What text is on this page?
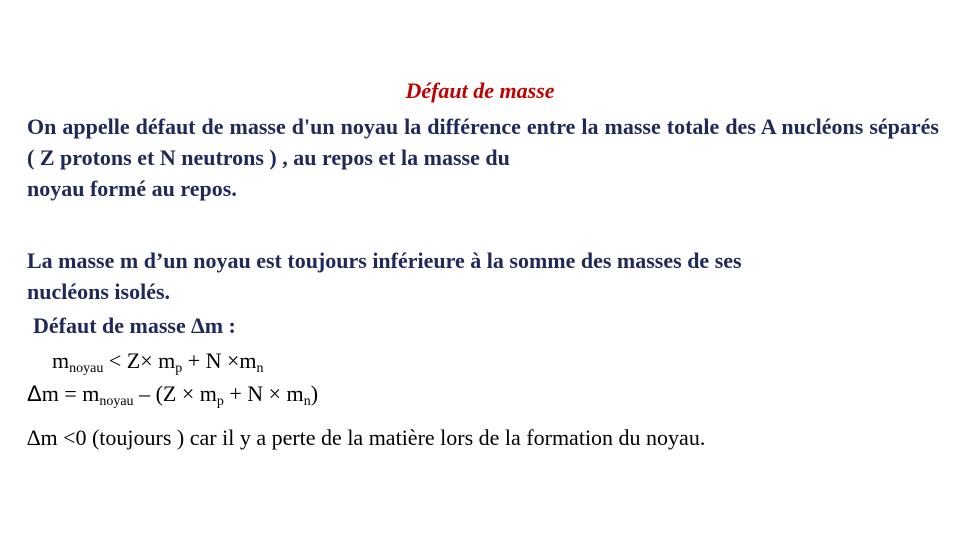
Défaut de masse

On appelle défaut de masse d'un noyau la différence entre la masse totale des A nucléons séparés ( Z protons et N neutrons ) , au repos et la masse du
noyau formé au repos.

La masse m d’un noyau est toujours inférieure à la somme des masses de ses
nucléons isolés.

Défaut de masse ∆m :
$m_{noyau} < Z\times m_p + N \times m_n$
$\Delta m = m_{noyau} - (Z \times m_p + N \times m_n)$
∆m <0 (toujours ) car il y a perte de la matière lors de la formation du noyau.
